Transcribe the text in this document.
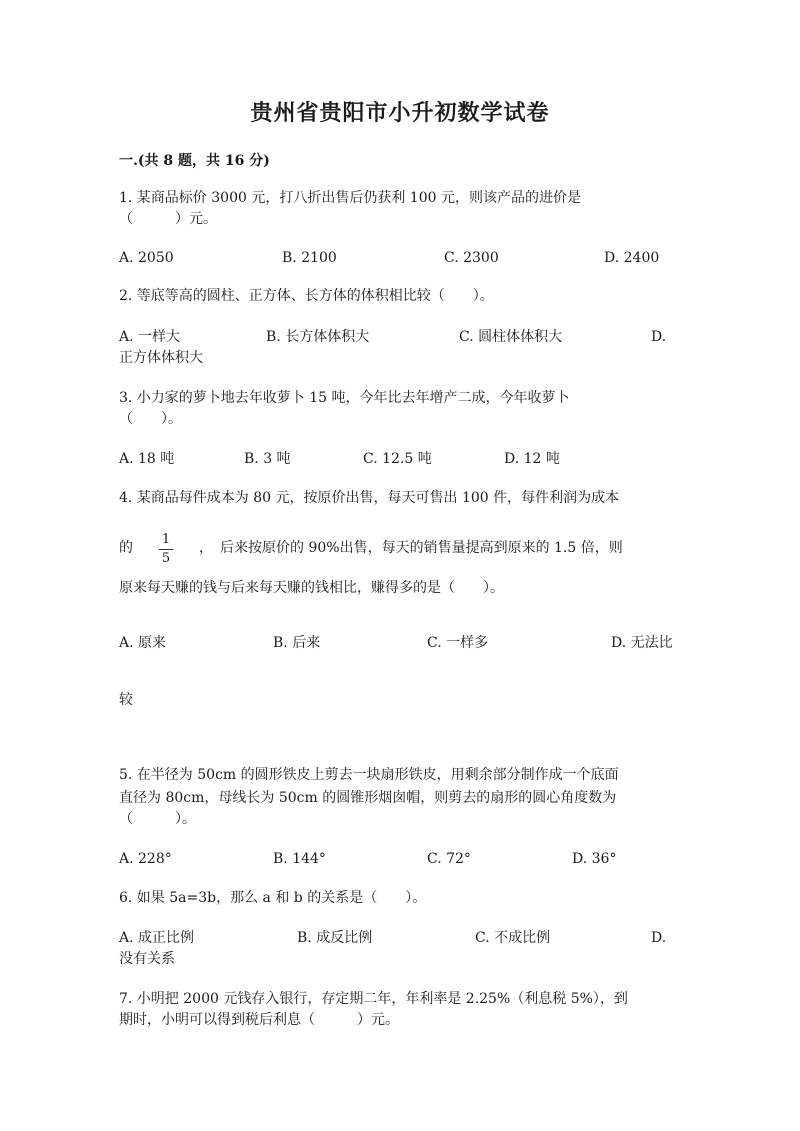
贵州省贵阳市小升初数学试卷
一.(共 8 题，共 16 分)
1. 某商品标价 3000 元，打八折出售后仍获利 100 元，则该产品的进价是
（　　　）元。
A. 2050	B. 2100	C. 2300	D. 2400
2. 等底等高的圆柱、正方体、长方体的体积相比较（　　）。
A. 一样大	B. 长方体体积大	C. 圆柱体体积大	D.
正方体体积大
3. 小力家的萝卜地去年收萝卜 15 吨，今年比去年增产二成，今年收萝卜
（　　）。
A. 18 吨	B. 3 吨	C. 12.5 吨	D. 12 吨
4. 某商品每件成本为 80 元，按原价出售，每天可售出 100 件，每件利润为成本
的
1
5
，　后来按原价的 90%出售，每天的销售量提高到原来的 1.5 倍，则
原来每天赚的钱与后来每天赚的钱相比，赚得多的是（　　）。
A. 原来	B. 后来	C. 一样多	D. 无法比
较
5. 在半径为 50cm 的圆形铁皮上剪去一块扇形铁皮，用剩余部分制作成一个底面
直径为 80cm，母线长为 50cm 的圆锥形烟囱帽，则剪去的扇形的圆心角度数为
（　　　）。
A. 228°	B. 144°	C. 72°	D. 36°
6. 如果 5a=3b，那么 a 和 b 的关系是（　　）。
A. 成正比例	B. 成反比例	C. 不成比例	D.
没有关系
7. 小明把 2000 元钱存入银行，存定期二年，年利率是 2.25%（利息税 5%），到
期时，小明可以得到税后利息（　　　）元。
